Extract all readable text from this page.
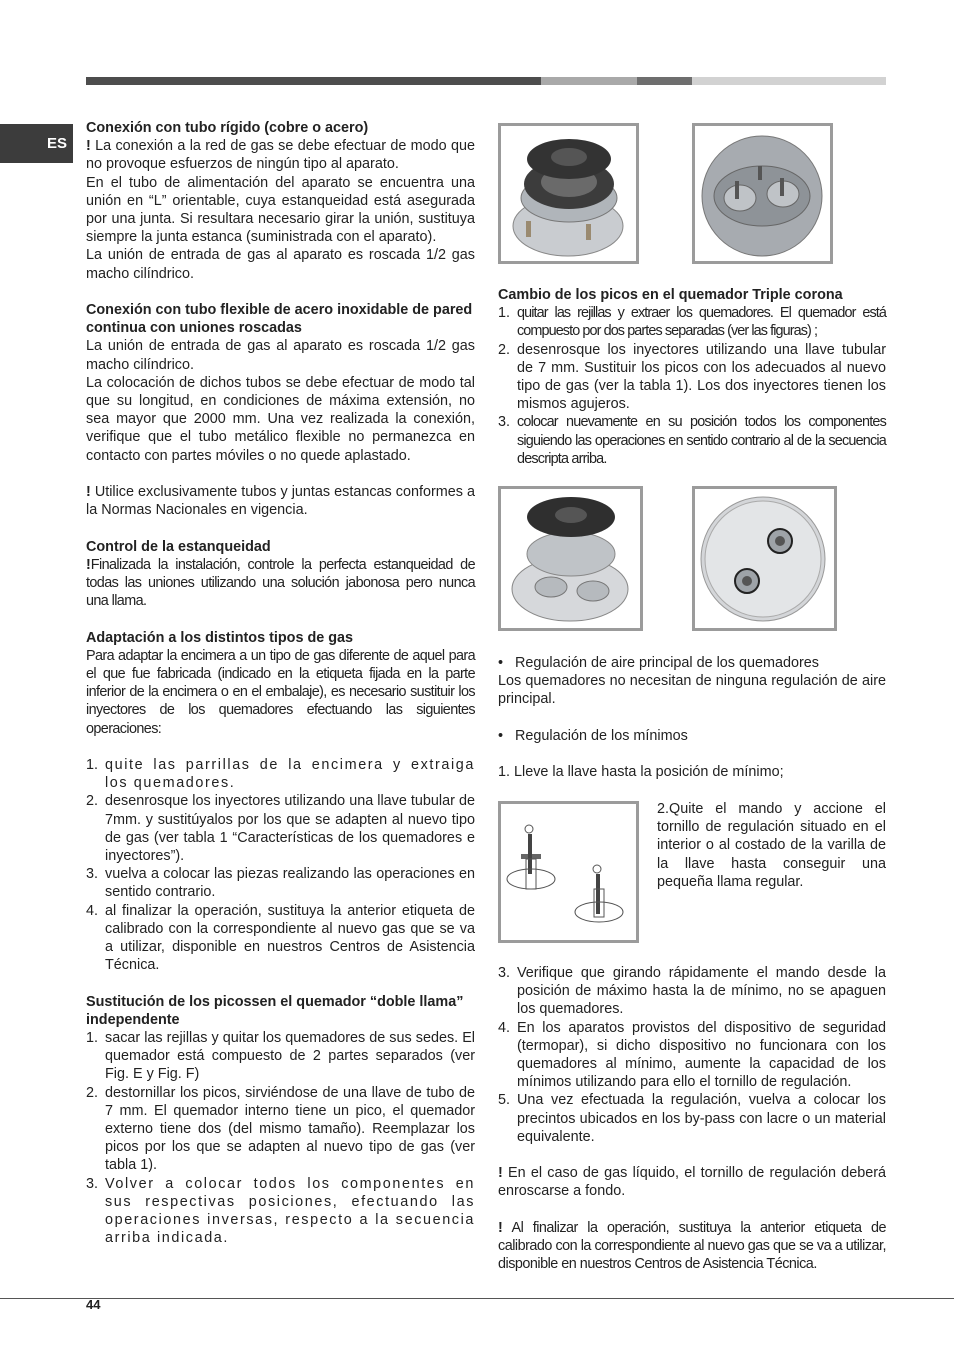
ES
Conexión con tubo rígido (cobre o acero)

! La conexión a la red de gas se debe efectuar de modo que no provoque esfuerzos de ningún tipo al aparato.

En el tubo de alimentación del aparato se encuentra una unión en “L” orientable, cuya estanqueidad está asegurada por una junta. Si resultara necesario girar la unión, sustituya siempre la junta estanca (suministrada con el aparato).

La unión de entrada de gas al aparato es roscada 1/2 gas macho cilíndrico.

Conexión con tubo flexible de acero inoxidable de pared continua con uniones roscadas

La unión de entrada de gas al aparato es roscada 1/2 gas macho cilíndrico.

La colocación de dichos tubos se debe efectuar de modo tal que su longitud, en condiciones de máxima extensión, no sea mayor que 2000 mm. Una vez realizada la conexión, verifique que el tubo metálico flexible no permanezca en contacto con partes móviles o no quede aplastado.

! Utilice exclusivamente tubos y juntas estancas conformes a la Normas Nacionales en vigencia.

Control de la estanqueidad

!Finalizada la instalación, controle la perfecta estanqueidad de todas las uniones utilizando una solución jabonosa pero nunca una llama.

Adaptación a los distintos tipos de gas

Para adaptar la encimera a un tipo de gas diferente de aquel para el que fue fabricada (indicado en la etiqueta fijada en la parte inferior de la encimera o en el embalaje), es necesario sustituir los inyectores de los quemadores efectuando las siguientes operaciones:

1. quite las parrillas de la encimera y extraiga los quemadores.
2. desenrosque los inyectores utilizando una llave tubular de 7mm. y sustitúyalos por los que se adapten al nuevo tipo de gas (ver tabla 1 “Características de los quemadores e inyectores”).
3. vuelva a colocar las piezas realizando las operaciones en sentido contrario.
4. al finalizar la operación, sustituya la anterior etiqueta de calibrado con la correspondiente al nuevo gas que se va a utilizar, disponible en nuestros Centros de Asistencia Técnica.
Sustitución de los picossen el quemador “doble llama” independente
1. sacar las rejillas y quitar los quemadores de sus sedes. El quemador está compuesto de 2 partes separados (ver Fig. E y Fig. F)
2. destornillar los picos, sirviéndose de una llave de tubo de 7 mm. El quemador interno tiene un pico, el quemador externo tiene dos (del mismo tamaño). Reemplazar los picos por los que se adapten al nuevo tipo de gas (ver tabla 1).
3. Volver a colocar todos los componentes en sus respectivas posiciones, efectuando las operaciones inversas, respecto a la secuencia arriba indicada.
Cambio de los picos en el quemador Triple corona
1. quitar las rejillas y extraer los quemadores. El quemador está compuesto por dos partes separadas (ver las figuras) ;
2. desenrosque los inyectores utilizando una llave tubular de 7 mm. Sustituir los picos con los adecuados al nuevo tipo de gas (ver la tabla 1). Los dos inyectores tienen los mismos agujeros.
3. colocar nuevamente en su posición todos los componentes siguiendo las operaciones en sentido contrario al de la secuencia descripta arriba.
• Regulación de aire principal de los quemadores

Los quemadores no necesitan de ninguna regulación de aire principal.

• Regulación de los mínimos

1. Lleve la llave hasta la posición de mínimo;

2.Quite el mando y accione el tornillo de regulación situado en el interior o al costado de la varilla de la llave hasta conseguir una pequeña llama regular.

3. Verifique que girando rápidamente el mando desde la posición de máximo hasta la de mínimo, no se apaguen los quemadores.
4. En los aparatos provistos del dispositivo de seguridad (termopar), si dicho dispositivo no funcionara con los quemadores al mínimo, aumente la capacidad de los mínimos utilizando para ello el tornillo de regulación.
5. Una vez efectuada la regulación, vuelva a colocar los precintos ubicados en los by-pass con lacre o un material equivalente.

! En el caso de gas líquido, el tornillo de regulación deberá enroscarse a fondo.

! Al finalizar la operación, sustituya la anterior etiqueta de calibrado con la correspondiente al nuevo gas que se va a utilizar, disponible en nuestros Centros de Asistencia Técnica.

44
